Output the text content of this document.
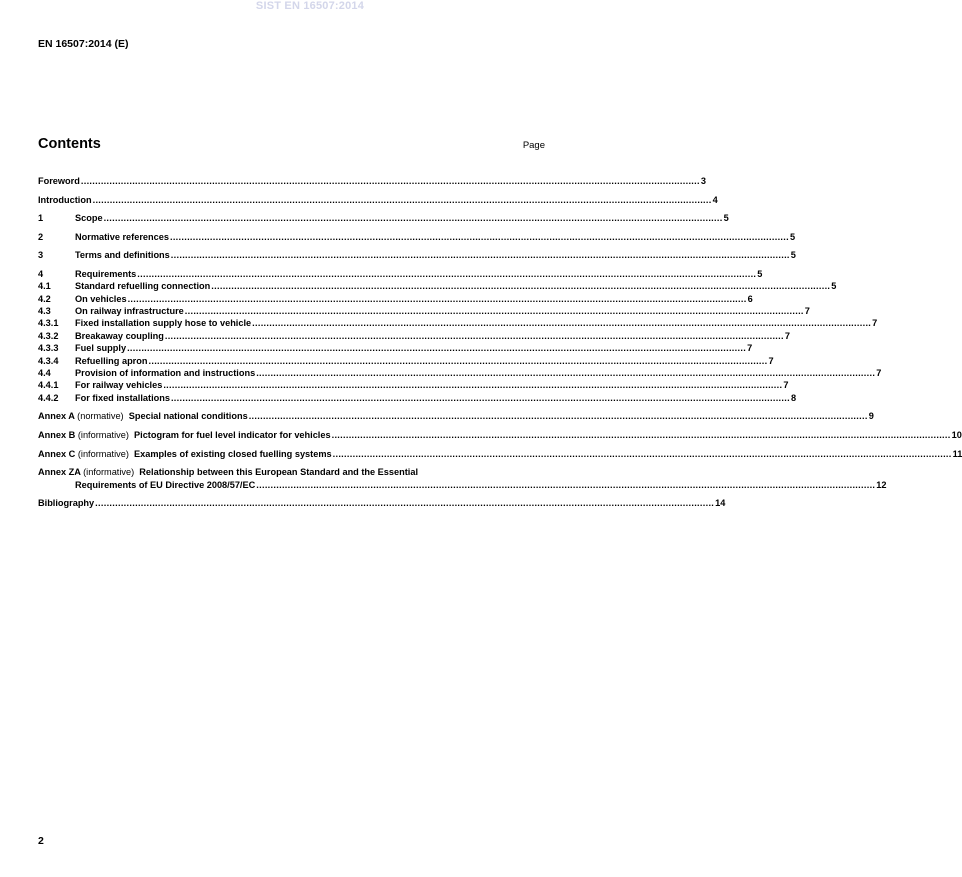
SIST EN 16507:2014
EN 16507:2014 (E)
Contents	Page
Foreword ......................................................................................................................................................................................................................... 3
Introduction ......................................................................................................................................................................................................................... 4
1	Scope ......................................................................................................................................................................................................................... 5
2	Normative references ......................................................................................................................................................................................................................... 5
3	Terms and definitions ......................................................................................................................................................................................................................... 5
4	Requirements ......................................................................................................................................................................................................................... 5
4.1	Standard refuelling connection ......................................................................................................................................................................................................................... 5
4.2	On vehicles ......................................................................................................................................................................................................................... 6
4.3	On railway infrastructure ......................................................................................................................................................................................................................... 7
4.3.1	Fixed installation supply hose to vehicle ......................................................................................................................................................................................................................... 7
4.3.2	Breakaway coupling ......................................................................................................................................................................................................................... 7
4.3.3	Fuel supply ......................................................................................................................................................................................................................... 7
4.3.4	Refuelling apron ......................................................................................................................................................................................................................... 7
4.4	Provision of information and instructions ......................................................................................................................................................................................................................... 7
4.4.1	For railway vehicles ......................................................................................................................................................................................................................... 7
4.4.2	For fixed installations ......................................................................................................................................................................................................................... 8
Annex A (normative) Special national conditions ......................................................................................................................................................................................................................... 9
Annex B (informative) Pictogram for fuel level indicator for vehicles ......................................................................................................................................................................................................................... 10
Annex C (informative) Examples of existing closed fuelling systems ......................................................................................................................................................................................................................... 11
Annex ZA (informative) Relationship between this European Standard and the Essential
Requirements of EU Directive 2008/57/EC ......................................................................................................................................................................................................................... 12
Bibliography ......................................................................................................................................................................................................................... 14
2
